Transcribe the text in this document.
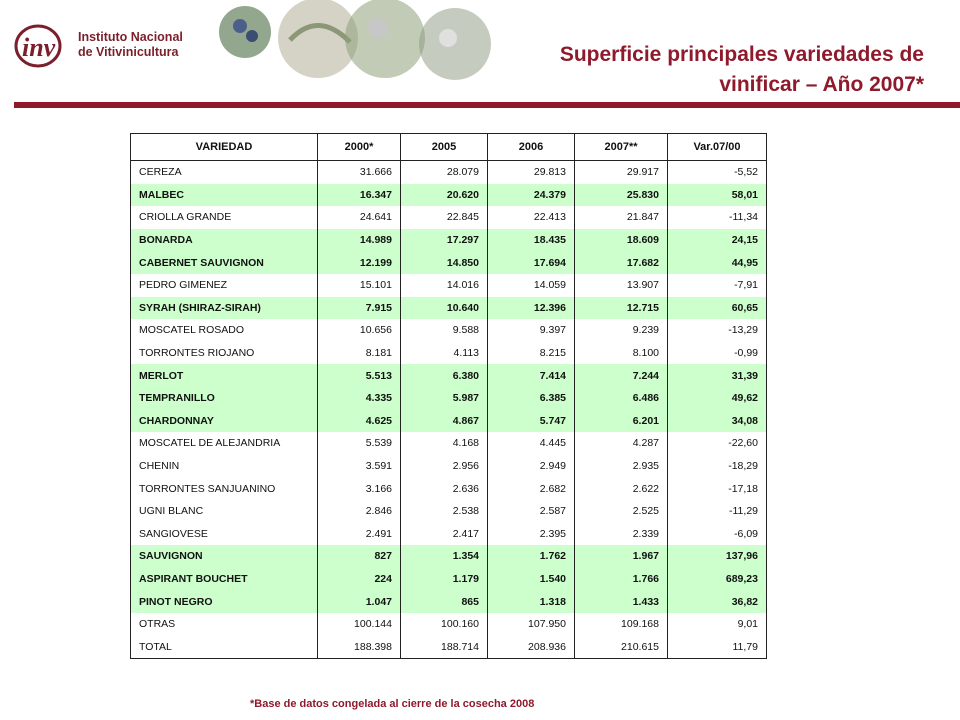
inv Instituto Nacional
de Vitivinicultura	Superficie principales variedades de
vinificar – Año 2007*
VARIEDAD	2000*	2005	2006	2007**	Var.07/00
CEREZA	31.666	28.079	29.813	29.917	-5,52
MALBEC	16.347	20.620	24.379	25.830	58,01
CRIOLLA GRANDE	24.641	22.845	22.413	21.847	-11,34
BONARDA	14.989	17.297	18.435	18.609	24,15
CABERNET SAUVIGNON	12.199	14.850	17.694	17.682	44,95
PEDRO GIMENEZ	15.101	14.016	14.059	13.907	-7,91
SYRAH (SHIRAZ-SIRAH)	7.915	10.640	12.396	12.715	60,65
MOSCATEL ROSADO	10.656	9.588	9.397	9.239	-13,29
TORRONTES RIOJANO	8.181	4.113	8.215	8.100	-0,99
MERLOT	5.513	6.380	7.414	7.244	31,39
TEMPRANILLO	4.335	5.987	6.385	6.486	49,62
CHARDONNAY	4.625	4.867	5.747	6.201	34,08
MOSCATEL DE ALEJANDRIA	5.539	4.168	4.445	4.287	-22,60
CHENIN	3.591	2.956	2.949	2.935	-18,29
TORRONTES SANJUANINO	3.166	2.636	2.682	2.622	-17,18
UGNI BLANC	2.846	2.538	2.587	2.525	-11,29
SANGIOVESE	2.491	2.417	2.395	2.339	-6,09
SAUVIGNON	827	1.354	1.762	1.967	137,96
ASPIRANT BOUCHET	224	1.179	1.540	1.766	689,23
PINOT NEGRO	1.047	865	1.318	1.433	36,82
OTRAS	100.144	100.160	107.950	109.168	9,01
TOTAL	188.398	188.714	208.936	210.615	11,79
*Base de datos congelada al cierre de la cosecha 2008
